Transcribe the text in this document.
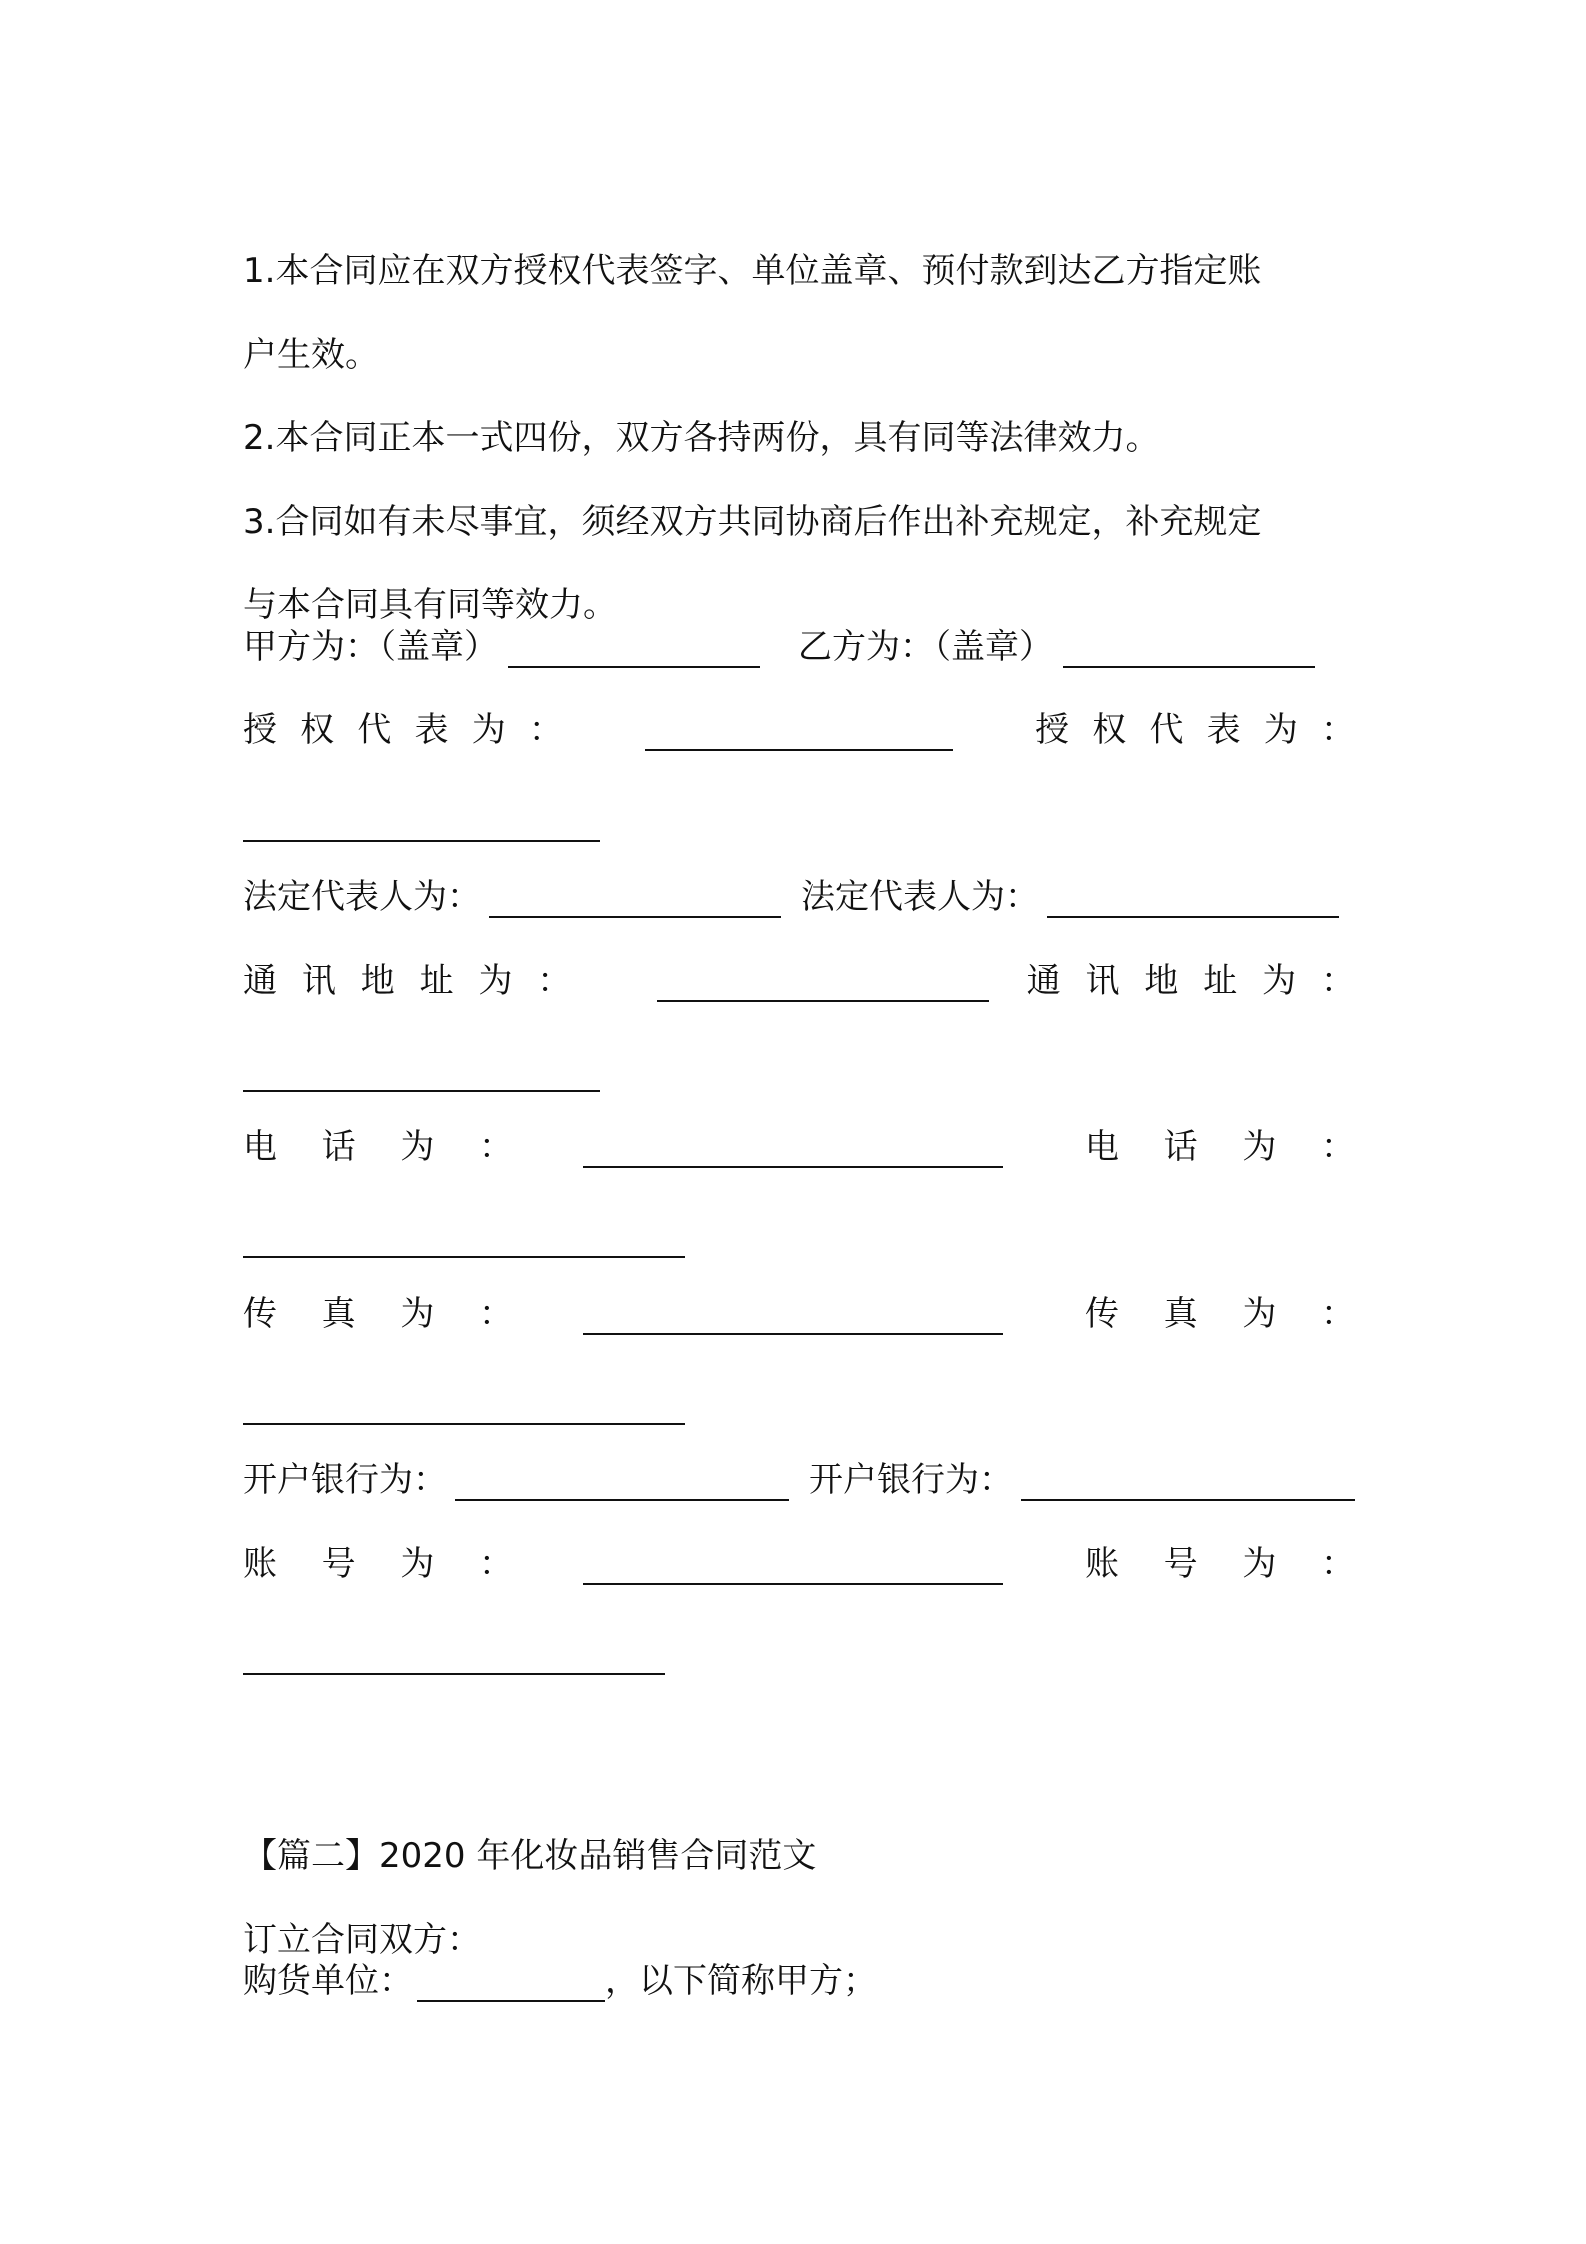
1.本合同应在双方授权代表签字、单位盖章、预付款到达乙方指定账

户生效。

2.本合同正本一式四份，双方各持两份，具有同等法律效力。

3.合同如有未尽事宜，须经双方共同协商后作出补充规定，补充规定

与本合同具有同等效力。

甲方为：（盖章）	乙方为：（盖章）
授 权 代 表 为 ：	授 权 代 表 为 ：
法定代表人为：	法定代表人为：
通 讯 地 址 为 ：	通 讯 地 址 为 ：
电 话 为 ：	电 话 为 ：
传 真 为 ：	传 真 为 ：
开户银行为：	开户银行为：
账 号 为 ：	账 号 为 ：

【篇二】2020 年化妆品销售合同范文

订立合同双方：

购货单位：	，以下简称甲方；
